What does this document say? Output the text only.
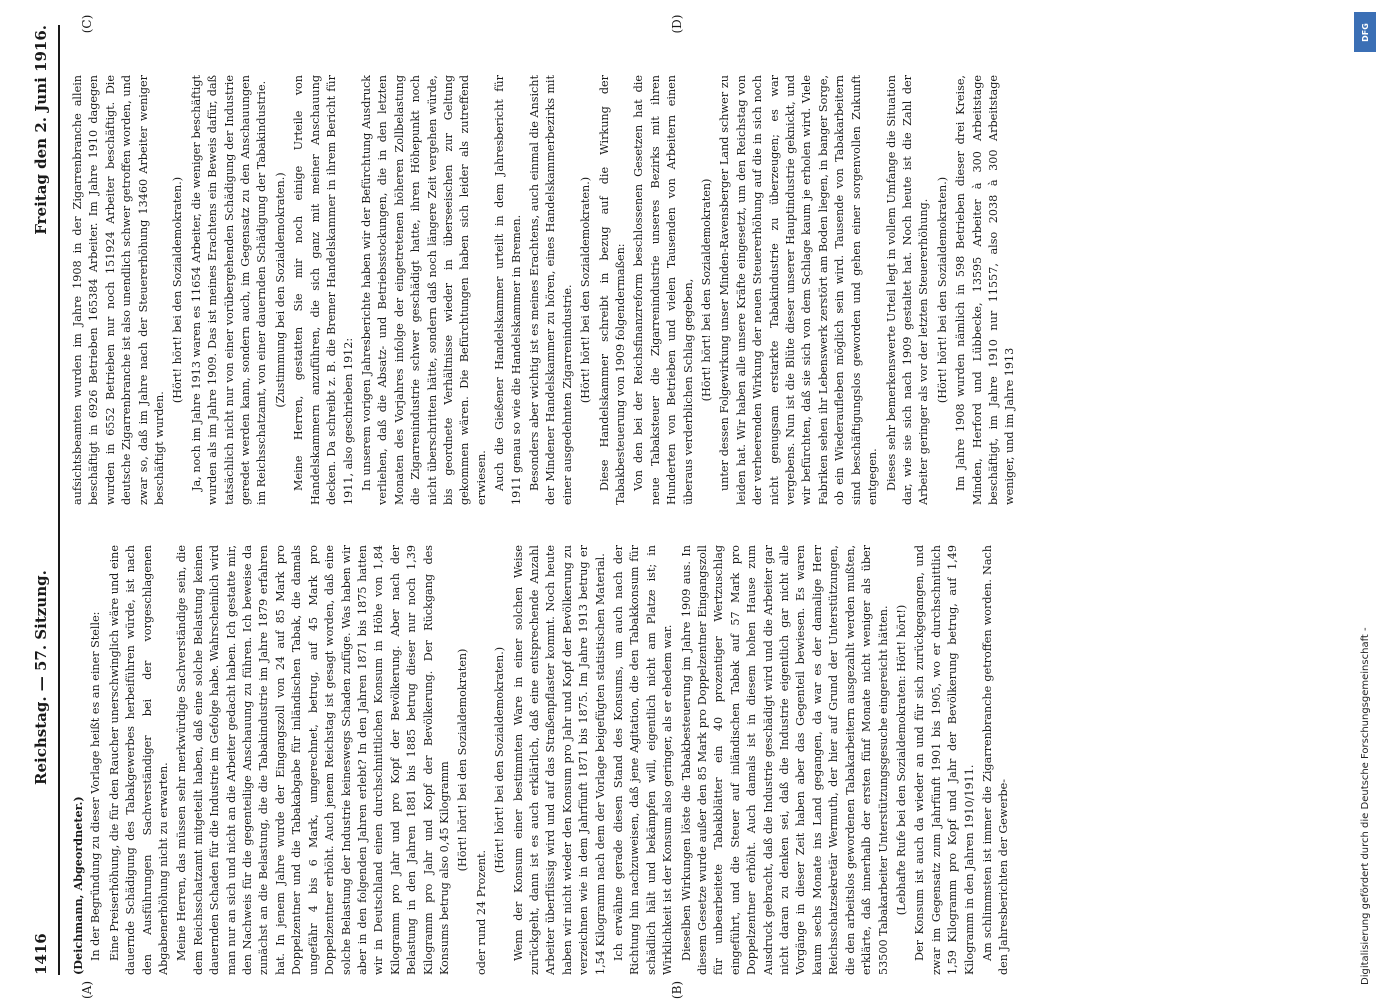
1416
Reichstag. — 57. Sitzung.
Freitag den 2. Juni 1916.
(A)	(B)
(C)	(D)

(Deichmann, Abgeordneter.) In der Begründung zu dieser Vorlage heißt es an einer Stelle: Eine Preiserhöhung, die für den Raucher unerschwinglich wäre und eine dauernde Schädigung des Tabakgewerbes herbeiführen würde, ist nach den Ausführungen Sachverständiger bei der vorgeschlagenen Abgabenerhöhung nicht zu erwarten. Meine Herren, das müssen sehr merkwürdige Sachverständige sein, die dem Reichsschatzamt mitgeteilt haben, daß eine solche Belastung keinen dauernden Schaden für die Industrie im Gefolge habe. Wahrscheinlich wird man nur an sich und nicht an die Arbeiter gedacht haben. Ich gestatte mir, den Nachweis für die gegenteilige Anschauung zu führen. Ich beweise da zunächst an die Belastung, die die Tabakindustrie im Jahre 1879 erfahren hat. In jenem Jahre wurde der Eingangszoll von 24 auf 85 Mark pro Doppelzentner und die Tabakabgabe für inländischen Tabak, die damals ungefähr 4 bis 6 Mark, umgerechnet, betrug, auf 45 Mark pro Doppelzentner erhöht. Auch jenem Reichstag ist gesagt worden, daß eine solche Belastung der Industrie keineswegs Schaden zufüge. Was haben wir aber in den folgenden Jahren erlebt? In den Jahren 1871 bis 1875 hatten wir in Deutschland einen durchschnittlichen Konsum in Höhe von 1,84 Kilogramm pro Jahr und pro Kopf der Bevölkerung. Aber nach der Belastung in den Jahren 1881 bis 1885 betrug dieser nur noch 1,39 Kilogramm pro Jahr und Kopf der Bevölkerung. Der Rückgang des Konsums betrug also 0,45 Kilogramm (Hört! hört! bei den Sozialdemokraten)

oder rund 24 Prozent.

(Hört! hört! bei den Sozialdemokraten.) Wenn der Konsum einer bestimmten Ware in einer solchen Weise zurückgeht, dann ist es auch erklärlich, daß eine entsprechende Anzahl Arbeiter überflüssig wird und auf das Straßenpflaster kommt. Noch heute haben wir nicht wieder den Konsum pro Jahr und Kopf der Bevölkerung zu verzeichnen wie in dem Jahrfünft 1871 bis 1875. Im Jahre 1913 betrug er 1,54 Kilogramm nach dem der Vorlage beigefügten statistischen Material. Ich erwähne gerade diesen Stand des Konsums, um auch nach der Richtung hin nachzuweisen, daß jene Agitation, die den Tabakkonsum für schädlich hält und bekämpfen will, eigentlich nicht am Platze ist; in Wirklichkeit ist der Konsum also geringer, als er ehedem war. Dieselben Wirkungen löste die Tabakbesteuerung im Jahre 1909 aus. In diesem Gesetze wurde außer den 85 Mark pro Doppelzentner Eingangszoll für unbearbeitete Tabakblätter ein 40 prozentiger Wertzuschlag eingeführt, und die Steuer auf inländischen Tabak auf 57 Mark pro Doppelzentner erhöht. Auch damals ist in diesem hohen Hause zum Ausdruck gebracht, daß die Industrie geschädigt wird und die Arbeiter gar nicht daran zu denken sei, daß die Industrie eigentlich gar nicht alle Vorgänge in dieser Zeit haben aber das Gegenteil bewiesen. Es waren kaum sechs Monate ins Land gegangen, da war es der damalige Herr Reichsschatzsekretär Wermuth, der hier auf Grund der Unterstützungen, die den arbeitslos gewordenen Tabakarbeitern ausgezahlt werden mußten, erklärte, daß innerhalb der ersten fünf Monate nicht weniger als über 53500 Tabakarbeiter Unterstützungsgesuche eingereicht hätten. (Lebhafte Rufe bei den Sozialdemokraten: Hört! hört!) Der Konsum ist auch da wieder an und für sich zurückgegangen, und zwar im Gegensatz zum Jahrfünft 1901 bis 1905, wo er durchschnittlich 1,59 Kilogramm pro Kopf und Jahr der Bevölkerung betrug, auf 1,49 Kilogramm in den Jahren 1910/1911. Am schlimmsten ist immer die Zigarrenbranche getroffen worden. Nach den Jahresberichten der Gewerbe-

aufsichtsbeamten wurden im Jahre 1908 in der Zigarrenbranche allein beschäftigt in 6926 Betrieben 165384 Arbeiter. Im Jahre 1910 dagegen wurden in 6552 Betrieben nur noch 151924 Arbeiter beschäftigt. Die deutsche Zigarrenbranche ist also unendlich schwer getroffen worden, und zwar so, daß im Jahre nach der Steuererhöhung 13460 Arbeiter weniger beschäftigt wurden.

(Hört! hört! bei den Sozialdemokraten.) Ja, noch im Jahre 1913 waren es 11654 Arbeiter, die weniger beschäftigt wurden als im Jahre 1909. Das ist meines Erachtens ein Beweis dafür, daß tatsächlich nicht nur von einer vorübergehenden Schädigung der Industrie geredet werden kann, sondern auch, im Gegensatz zu den Anschauungen im Reichsschatzamt, von einer dauernden Schädigung der Tabakindustrie. (Zustimmung bei den Sozialdemokraten.) Meine Herren, gestatten Sie mir noch einige Urteile von Handelskammern anzuführen, die sich ganz mit meiner Anschauung decken. Da schreibt z. B. die Bremer Handelskammer in ihrem Bericht für 1911, also geschrieben 1912: In unserem vorigen Jahresberichte haben wir der Befürchtung Ausdruck verliehen, daß die Absatz- und Betriebsstockungen, die in den letzten Monaten des Vorjahres infolge der eingetretenen höheren Zollbelastung die Zigarrenindustrie schwer geschädigt hatte, ihren Höhepunkt noch nicht überschritten hätte, sondern daß noch längere Zeit vergehen würde, bis geordnete Verhältnisse wieder in überseeischen zur Geltung gekommen wären. Die Befürchtungen haben sich leider als zutreffend erwiesen. Auch die Gießener Handelskammer urteilt in dem Jahresbericht für 1911 genau so wie die Handelskammer in Bremen. Besonders aber wichtig ist es meines Erachtens, auch einmal die Ansicht der Mindener Handelskammer zu hören, eines Handelskammerbezirks mit einer ausgedehnten Zigarrenindustrie. (Hört! hört! bei den Sozialdemokraten.) Diese Handelskammer schreibt in bezug auf die Wirkung der Tabakbesteuerung von 1909 folgendermaßen: Von den bei der Reichsfinanzreform beschlossenen Gesetzen hat die neue Tabaksteuer die Zigarrenindustrie unseres Bezirks mit ihren Hunderten von Betrieben und vielen Tausenden von Arbeitern einen überaus verderblichen Schlag gegeben, (Hört! hört! bei den Sozialdemokraten) unter dessen Folgewirkung unser Minden-Ravensberger Land schwer zu leiden hat. Wir haben alle unsere Kräfte eingesetzt, um den Reichstag von der verheerenden Wirkung der neuen Steuererhöhung auf die in sich noch nicht genugsam erstarkte Tabakindustrie zu überzeugen; es war vergebens. Nun ist die Blüte dieser unserer Hauptindustrie geknickt, und wir befürchten, daß sie sich von dem Schlage kaum je erholen wird. Viele Fabriken sehen ihr Lebenswerk zerstört am Boden liegen, in banger Sorge, ob ein Wiederaufleben möglich sein wird. Tausende von Tabakarbeitern sind beschäftigungslos geworden und gehen einer sorgenvollen Zukunft entgegen. Dieses sehr bemerkenswerte Urteil legt in vollem Umfange die Situation dar, wie sie sich nach 1909 gestaltet hat. Noch heute ist die Zahl der Arbeiter geringer als vor der letzten Steuererhöhung. (Hört! hört! bei den Sozialdemokraten.) Im Jahre 1908 wurden nämlich in 598 Betrieben dieser drei Kreise, Minden, Herford und Lübbecke, 13595 Arbeiter à 300 Arbeitstage beschäftigt, im Jahre 1910 nur 11557, also 2038 à 300 Arbeitstage weniger, und im Jahre 1913

DFG
Digitalisierung gefördert durch die Deutsche Forschungsgemeinschaft -
